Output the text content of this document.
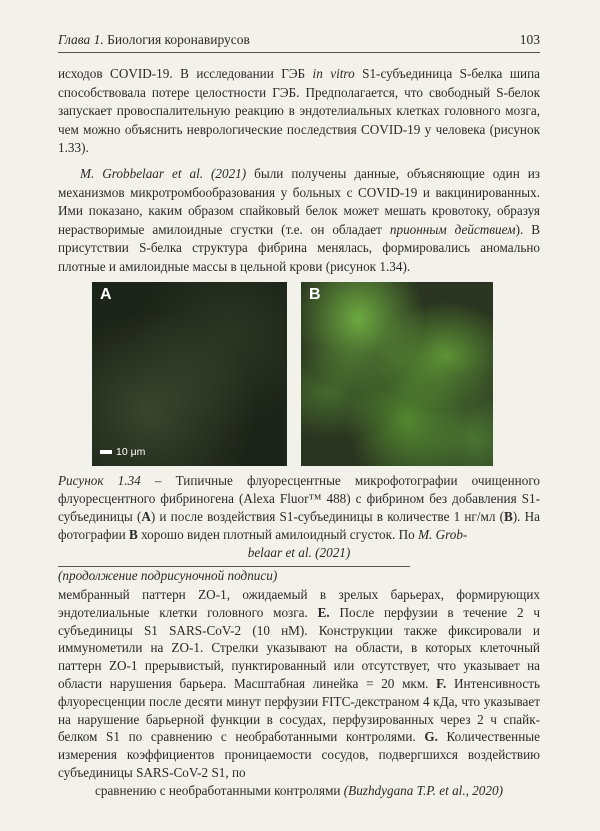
Глава 1. Биология коронавирусов	103
исходов COVID-19. В исследовании ГЭБ in vitro S1-субъединица S-белка шипа способствовала потере целостности ГЭБ. Предполагается, что свободный S-белок запускает провоспалительную реакцию в эндотелиальных клетках головного мозга, чем можно объяснить неврологические последствия COVID-19 у человека (рисунок 1.33).
M. Grobbelaar et al. (2021) были получены данные, объясняющие один из механизмов микротромбообразования у больных с COVID-19 и вакцинированных. Ими показано, каким образом спайковый белок может мешать кровотоку, образуя нерастворимые амилоидные сгустки (т.е. он обладает прионным действием). В присутствии S-белка структура фибрина менялась, формировались аномально плотные и амилоидные массы в цельной крови (рисунок 1.34).
A
10 μm
B
Рисунок 1.34 – Типичные флуоресцентные микрофотографии очищенного флуоресцентного фибриногена (Alexa Fluor™ 488) с фибрином без добавления S1-субъединицы (A) и после воздействия S1-субъединицы в количестве 1 нг/мл (B). На фотографии B хорошо виден плотный амилоидный сгусток. По M. Grob-
belaar et al. (2021)
(продолжение подрисуночной подписи)
мембранный паттерн ZO-1, ожидаемый в зрелых барьерах, формирующих эндотелиальные клетки головного мозга. E. После перфузии в течение 2 ч субъединицы S1 SARS-CoV-2 (10 нМ). Конструкции также фиксировали и иммунометили на ZO-1. Стрелки указывают на области, в которых клеточный паттерн ZO-1 прерывистый, пунктированный или отсутствует, что указывает на области нарушения барьера. Масштабная линейка = 20 мкм. F. Интенсивность флуоресценции после десяти минут перфузии FITC-декстраном 4 кДа, что указывает на нарушение барьерной функции в сосудах, перфузированных через 2 ч спайк-белком S1 по сравнению с необработанными контролями. G. Количественные измерения коэффициентов проницаемости сосудов, подвергшихся воздействию субъединицы SARS-CoV-2 S1, по
сравнению с необработанными контролями (Buzhdygana T.P. et al., 2020)
